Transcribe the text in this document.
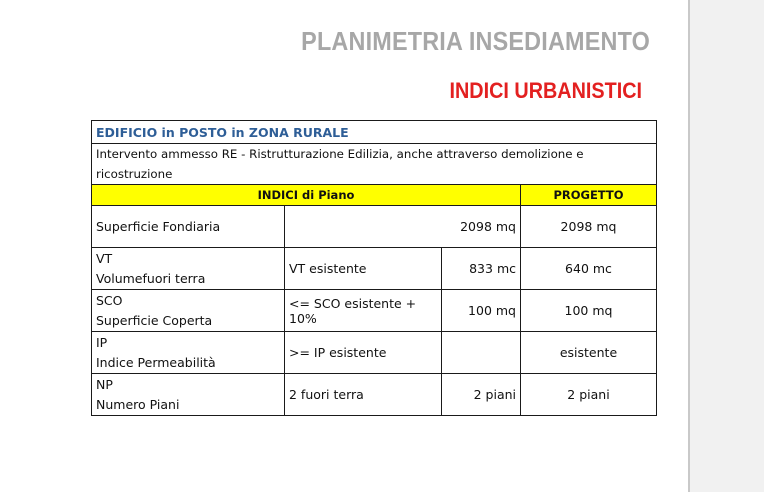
PLANIMETRIA INSEDIAMENTO
INDICI URBANISTICI
EDIFICIO in POSTO in ZONA RURALE			
Intervento ammesso RE - Ristrutturazione Edilizia, anche attraverso demolizione e ricostruzione			
INDICI di Piano			PROGETTO
Superficie Fondiaria	2098 mq		2098 mq

VT
Volumefuori terra	VT esistente	833 mc	640 mc

SCO
Superficie Coperta	<= SCO esistente + 10%	100 mq	100 mq

IP
Indice Permeabilità	>= IP esistente		esistente

NP
Numero Piani	2 fuori terra	2 piani	2 piani
